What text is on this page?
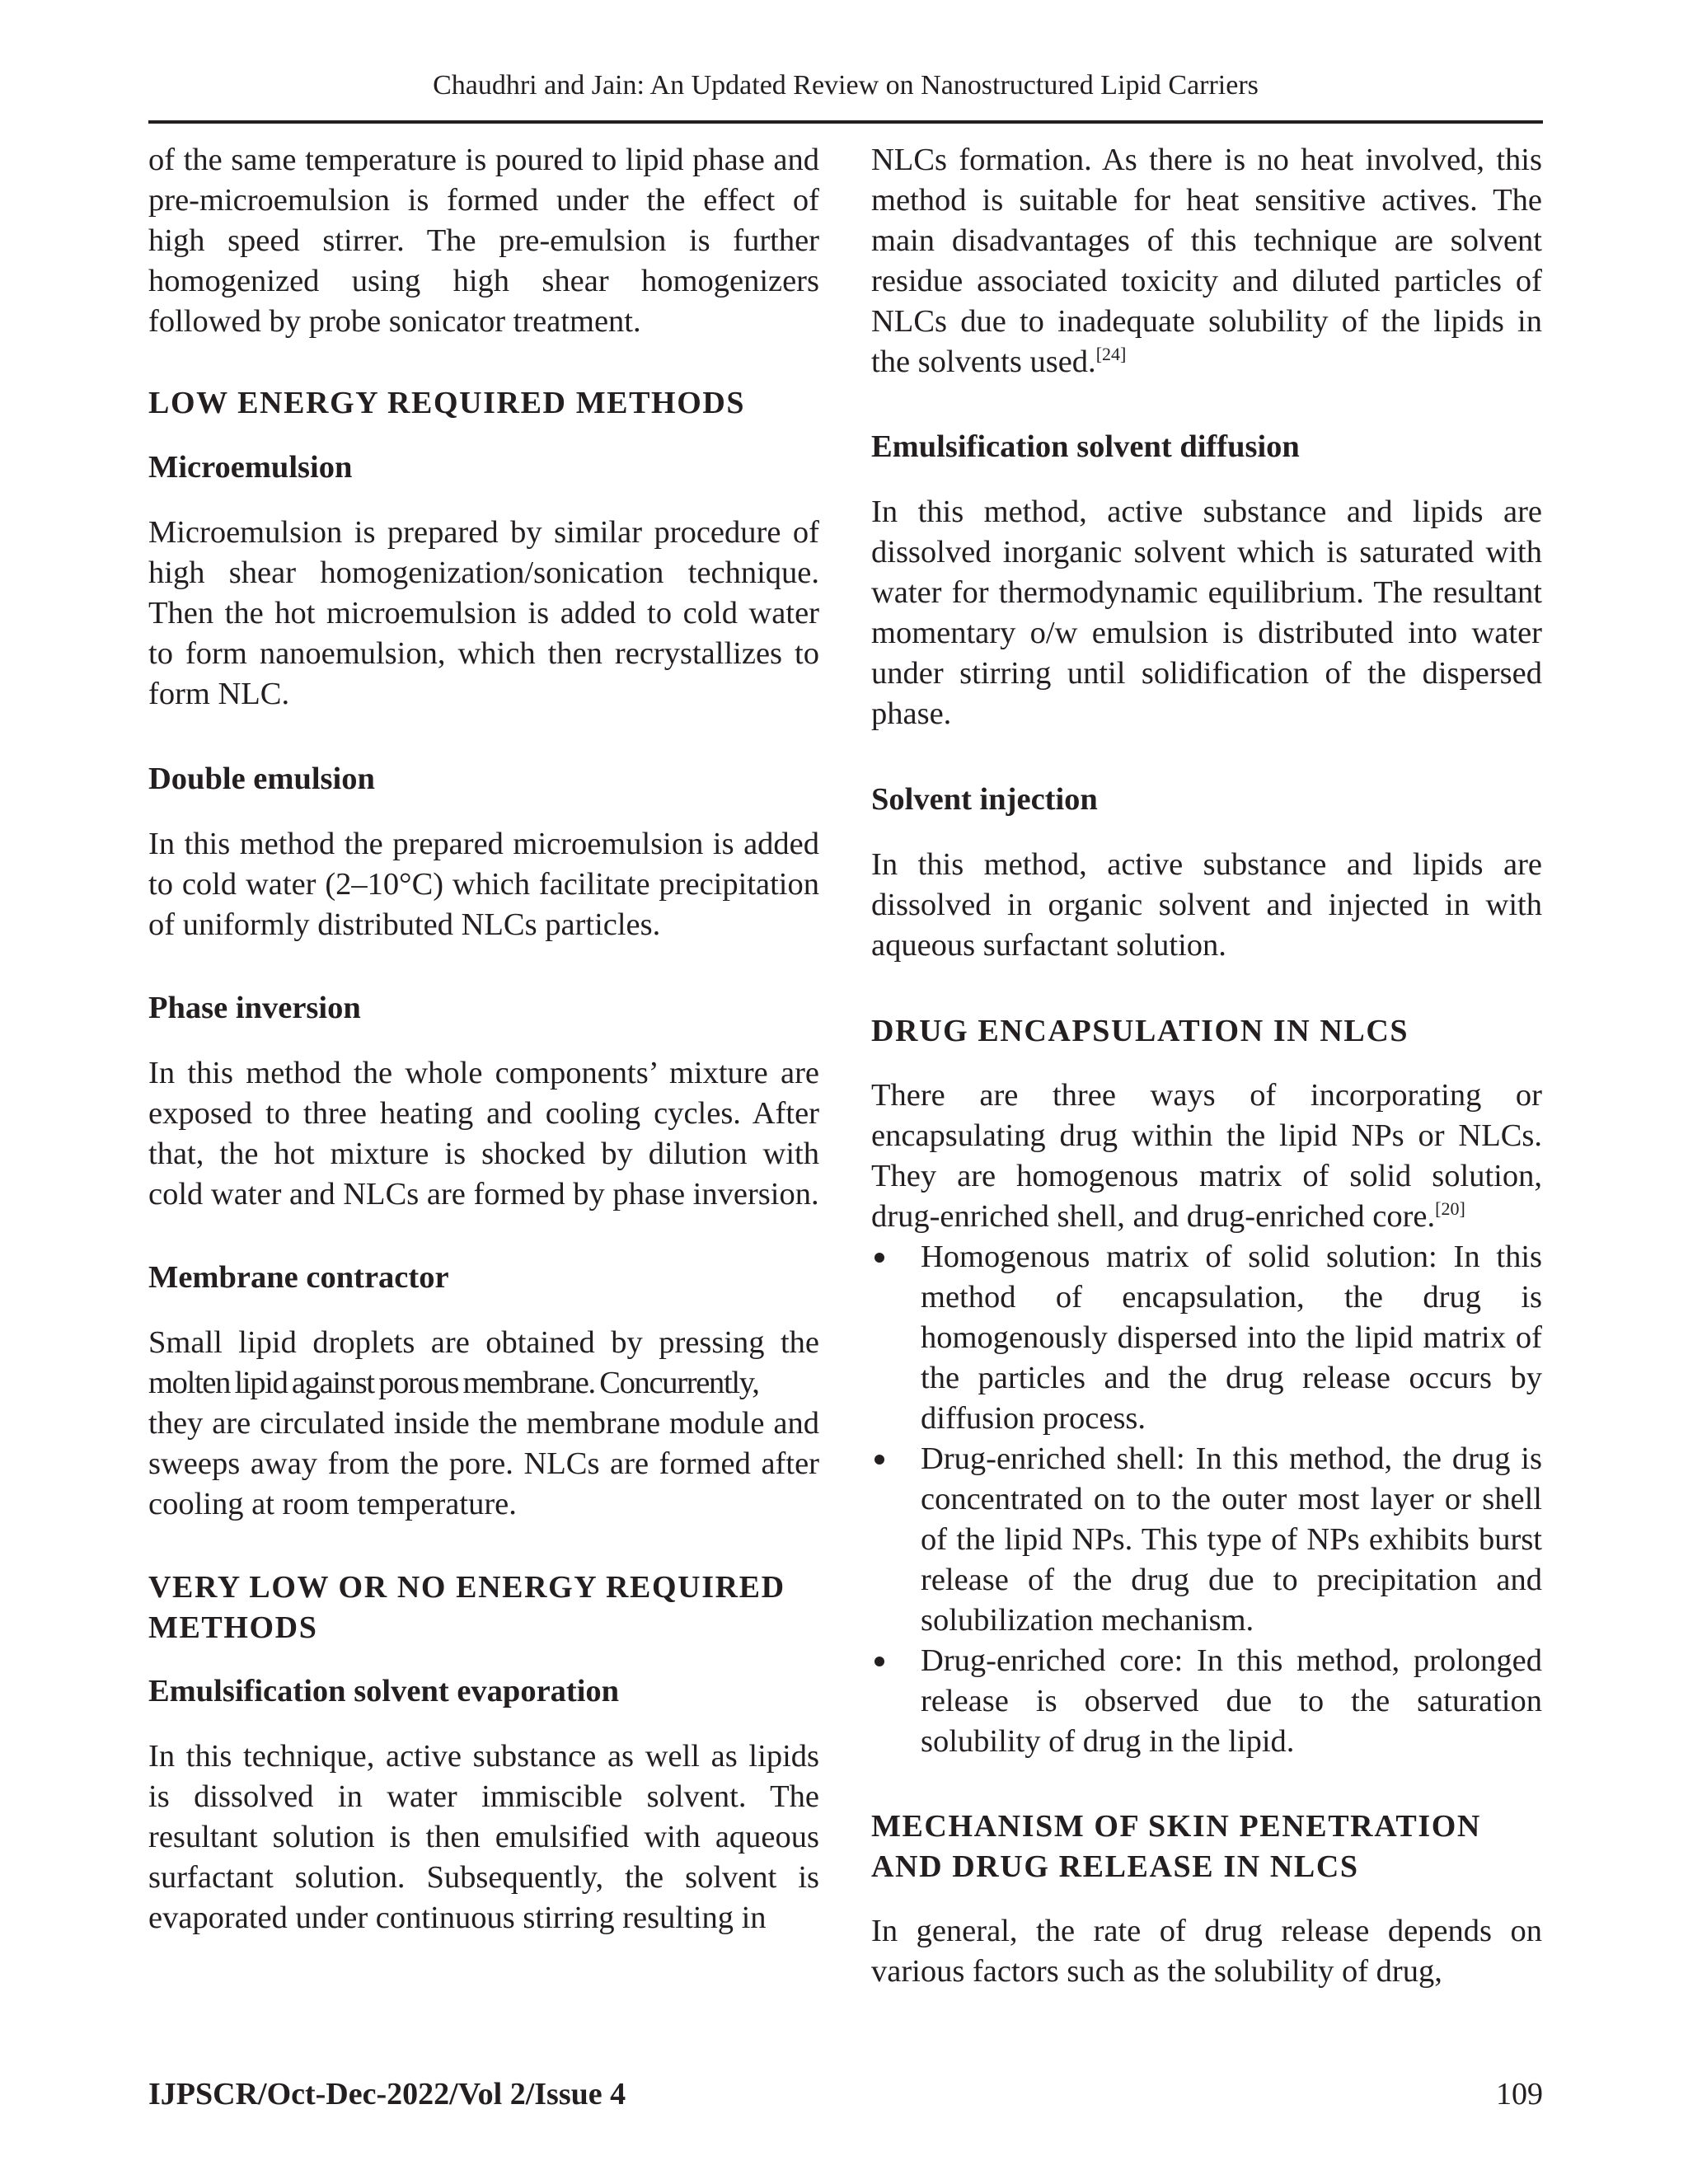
Chaudhri and Jain: An Updated Review on Nanostructured Lipid Carriers

of the same temperature is poured to lipid phase and pre-microemulsion is formed under the effect of high speed stirrer. The pre-emulsion is further homogenized using high shear homogenizers followed by probe sonicator treatment.

LOW ENERGY REQUIRED METHODS
Microemulsion

Microemulsion is prepared by similar procedure of high shear homogenization/sonication technique. Then the hot microemulsion is added to cold water to form nanoemulsion, which then recrystallizes to form NLC.

Double emulsion

In this method the prepared microemulsion is added to cold water (2–10°C) which facilitate precipitation of uniformly distributed NLCs particles.

Phase inversion

In this method the whole components’ mixture are exposed to three heating and cooling cycles. After that, the hot mixture is shocked by dilution with cold water and NLCs are formed by phase inversion.

Membrane contractor

Small lipid droplets are obtained by pressing the
molten lipid against porous membrane. Concurrently,
they are circulated inside the membrane module and sweeps away from the pore. NLCs are formed after cooling at room temperature.

VERY LOW OR NO ENERGY REQUIRED METHODS
Emulsification solvent evaporation

In this technique, active substance as well as lipids is dissolved in water immiscible solvent. The resultant solution is then emulsified with aqueous surfactant solution. Subsequently, the solvent is evaporated under continuous stirring resulting in

NLCs formation. As there is no heat involved, this method is suitable for heat sensitive actives. The main disadvantages of this technique are solvent residue associated toxicity and diluted particles of NLCs due to inadequate solubility of the lipids in the solvents used.[24]

Emulsification solvent diffusion

In this method, active substance and lipids are dissolved inorganic solvent which is saturated with water for thermodynamic equilibrium. The resultant momentary o/w emulsion is distributed into water under stirring until solidification of the dispersed phase.

Solvent injection

In this method, active substance and lipids are dissolved in organic solvent and injected in with aqueous surfactant solution.

DRUG ENCAPSULATION IN NLCS

There are three ways of incorporating or encapsulating drug within the lipid NPs or NLCs. They are homogenous matrix of solid solution, drug-enriched shell, and drug-enriched core.[20]

Homogenous matrix of solid solution: In this method of encapsulation, the drug is homogenously dispersed into the lipid matrix of the particles and the drug release occurs by diffusion process.
Drug-enriched shell: In this method, the drug is concentrated on to the outer most layer or shell of the lipid NPs. This type of NPs exhibits burst release of the drug due to precipitation and solubilization mechanism.
Drug-enriched core: In this method, prolonged release is observed due to the saturation solubility of drug in the lipid.
MECHANISM OF SKIN PENETRATION AND DRUG RELEASE IN NLCS

In general, the rate of drug release depends on various factors such as the solubility of drug,

IJPSCR/Oct-Dec-2022/Vol 2/Issue 4	109
